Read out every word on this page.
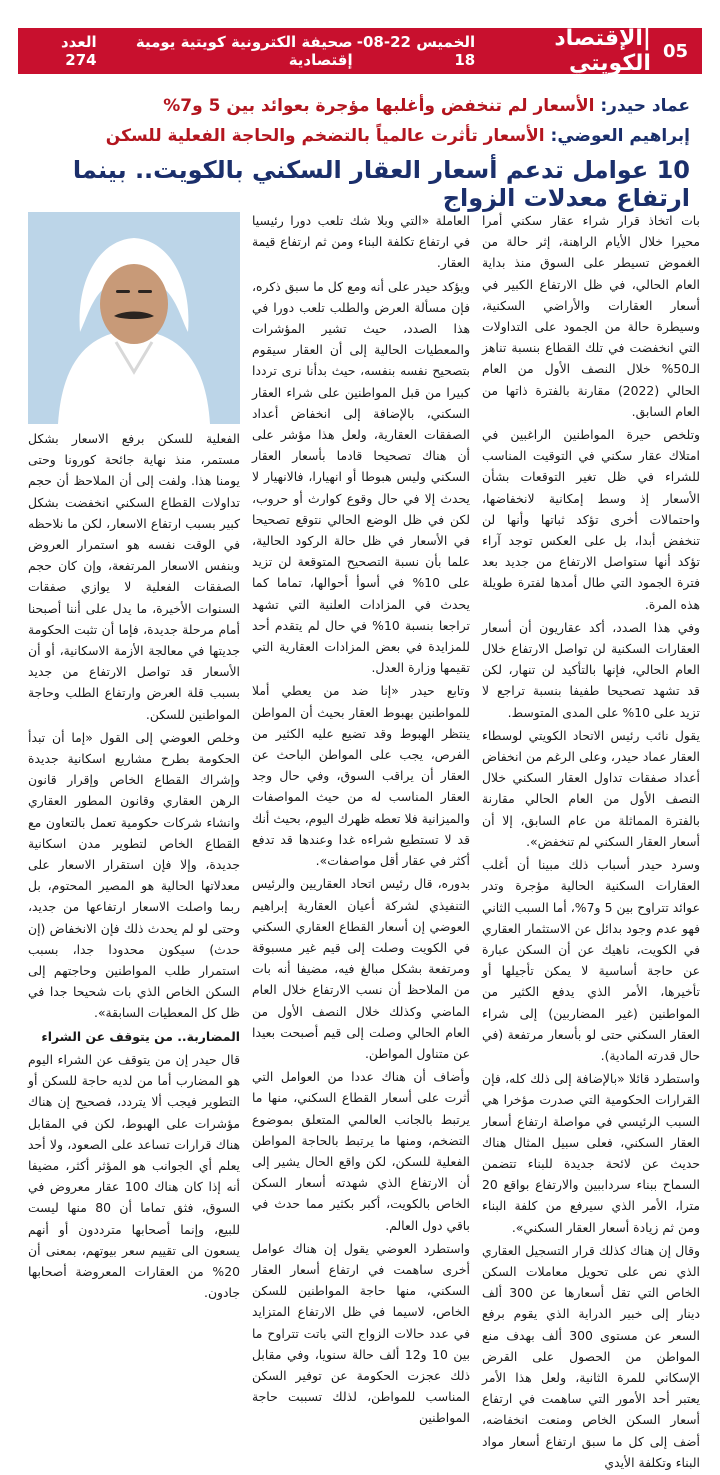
05
|الإقتصاد الكويتي
الخميس 22-08-18
صحيفة الكترونية كويتية يومية إقتصادية
العدد 274
عماد حيدر: الأسعار لم تنخفض وأغلبها مؤجرة بعوائد بين 5 و7%
إبراهيم العوضي: الأسعار تأثرت عالمياً بالتضخم والحاجة الفعلية للسكن
10 عوامل تدعم أسعار العقار السكني بالكويت.. بينما ارتفاع معدلات الزواج

بات اتخاذ قرار شراء عقار سكني أمرا محيرا خلال الأيام الراهنة، إثر حالة من الغموض تسيطر على السوق منذ بداية العام الحالي، في ظل الارتفاع الكبير في أسعار العقارات والأراضي السكنية، وسيطرة حالة من الجمود على التداولات التي انخفضت في تلك القطاع بنسبة تناهز الـ50% خلال النصف الأول من العام الحالي (2022) مقارنة بالفترة ذاتها من العام السابق.

وتلخص حيرة المواطنين الراغبين في امتلاك عقار سكني في التوقيت المناسب للشراء في ظل تغير التوقعات بشأن الأسعار إذ وسط إمكانية لانخفاضها، واحتمالات أخرى تؤكد ثباتها وأنها لن تنخفض أبدا، بل على العكس توجد آراء تؤكد أنها ستواصل الارتفاع من جديد بعد فترة الجمود التي طال أمدها لفترة طويلة هذه المرة.

وفي هذا الصدد، أكد عقاريون أن أسعار العقارات السكنية لن تواصل الارتفاع خلال العام الحالي، فإنها بالتأكيد لن تنهار، لكن قد تشهد تصحيحا طفيفا بنسبة تراجع لا تزيد على 10% على المدى المتوسط.

يقول نائب رئيس الاتحاد الكويتي لوسطاء العقار عماد حيدر، وعلى الرغم من انخفاض أعداد صفقات تداول العقار السكني خلال النصف الأول من العام الحالي مقارنة بالفترة المماثلة من عام السابق، إلا أن أسعار العقار السكني لم تنخفض».

وسرد حيدر أسباب ذلك مبينا أن أغلب العقارات السكنية الحالية مؤجرة وتدر عوائد تتراوح بين 5 و7%، أما السبب الثاني فهو عدم وجود بدائل عن الاستثمار العقاري في الكويت، ناهيك عن أن السكن عبارة عن حاجة أساسية لا يمكن تأجيلها أو تأخيرها، الأمر الذي يدفع الكثير من المواطنين (غير المضاربين) إلى شراء العقار السكني حتى لو بأسعار مرتفعة (في حال قدرته المادية).

واستطرد قائلا «بالإضافة إلى ذلك كله، فإن القرارات الحكومية التي صدرت مؤخرا هي السبب الرئيسي في مواصلة ارتفاع أسعار العقار السكني، فعلى سبيل المثال هناك حديث عن لائحة جديدة للبناء تتضمن السماح ببناء سرداببين والارتفاع بواقع 20 مترا، الأمر الذي سيرفع من كلفة البناء ومن ثم زيادة أسعار العقار السكني».

وقال إن هناك كذلك قرار التسجيل العقاري الذي نص على تحويل معاملات السكن الخاص التي تقل أسعارها عن 300 ألف دينار إلى خبير الدراية الذي يقوم برفع السعر عن مستوى 300 ألف بهدف منع المواطن من الحصول على القرض الإسكاني للمرة الثانية، ولعل هذا الأمر يعتبر أحد الأمور التي ساهمت في ارتفاع أسعار السكن الخاص ومنعت انخفاضه، أضف إلى كل ما سبق ارتفاع أسعار مواد البناء وتكلفة الأيدي

العاملة «التي وبلا شك تلعب دورا رئيسيا في ارتفاع تكلفة البناء ومن ثم ارتفاع قيمة العقار.

ويؤكد حيدر على أنه ومع كل ما سبق ذكره، فإن مسألة العرض والطلب تلعب دورا في هذا الصدد، حيث تشير المؤشرات والمعطيات الحالية إلى أن العقار سيقوم بتصحيح نفسه بنفسه، حيث بدأنا نرى ترددا كبيرا من قبل المواطنين على شراء العقار السكني، بالإضافة إلى انخفاض أعداد الصفقات العقارية، ولعل هذا مؤشر على أن هناك تصحيحا قادما بأسعار العقار السكني وليس هبوطا أو انهيارا، فالانهيار لا يحدث إلا في حال وقوع كوارث أو حروب، لكن في ظل الوضع الحالي نتوقع تصحيحا في الأسعار في ظل حالة الركود الحالية، علما بأن نسبة التصحيح المتوقعة لن تزيد على 10% في أسوأ أحوالها، تماما كما يحدث في المزادات العلنية التي تشهد تراجعا بنسبة 10% في حال لم يتقدم أحد للمزايدة في بعض المزادات العقارية التي تقيمها وزارة العدل.

وتابع حيدر «إنا ضد من يعطي أملا للمواطنين بهبوط العقار بحيث أن المواطن ينتظر الهبوط وقد تضيع عليه الكثير من الفرص، يجب على المواطن الباحث عن العقار أن يراقب السوق، وفي حال وجد العقار المناسب له من حيث المواصفات والميزانية فلا تعطه ظهرك اليوم، بحيث أنك قد لا تستطيع شراءه غدا وعندها قد تدفع أكثر في عقار أقل مواصفات».

بدوره، قال رئيس اتحاد العقاريين والرئيس التنفيذي لشركة أعيان العقارية إبراهيم العوضي إن أسعار القطاع العقاري السكني في الكويت وصلت إلى قيم غير مسبوقة ومرتفعة بشكل مبالغ فيه، مضيفا أنه بات من الملاحظ أن نسب الارتفاع خلال العام الماضي وكذلك خلال النصف الأول من العام الحالي وصلت إلى قيم أصبحت بعيدا عن متناول المواطن.

وأضاف أن هناك عددا من العوامل التي أثرت على أسعار القطاع السكني، منها ما يرتبط بالجانب العالمي المتعلق بموضوع التضخم، ومنها ما يرتبط بالحاجة المواطن الفعلية للسكن، لكن واقع الحال يشير إلى أن الارتفاع الذي شهدته أسعار السكن الخاص بالكويت، أكبر بكثير مما حدث في باقي دول العالم.

واستطرد العوضي يقول إن هناك عوامل أخرى ساهمت في ارتفاع أسعار العقار السكني، منها حاجة المواطنين للسكن الخاص، لاسيما في ظل الارتفاع المتزايد في عدد حالات الزواج التي باتت تتراوح ما بين 10 و12 ألف حالة سنويا، وفي مقابل ذلك عجزت الحكومة عن توفير السكن المناسب للمواطن، لذلك تسببت حاجة المواطنين

الفعلية للسكن برفع الاسعار بشكل مستمر، منذ نهاية جائحة كورونا وحتى يومنا هذا. ولفت إلى أن الملاحظ أن حجم تداولات القطاع السكني انخفضت بشكل كبير بسبب ارتفاع الاسعار، لكن ما نلاحظه في الوقت نفسه هو استمرار العروض وبنفس الاسعار المرتفعة، وإن كان حجم الصفقات الفعلية لا يوازي صفقات السنوات الأخيرة، ما يدل على أننا أصبحنا أمام مرحلة جديدة، فإما أن تثبت الحكومة جديتها في معالجة الأزمة الاسكانية، أو أن الأسعار قد تواصل الارتفاع من جديد بسبب قلة العرض وارتفاع الطلب وحاجة المواطنين للسكن.

وخلص العوضي إلى القول «إما أن تبدأ الحكومة بطرح مشاريع اسكانية جديدة وإشراك القطاع الخاص وإقرار قانون الرهن العقاري وقانون المطور العقاري وانشاء شركات حكومية تعمل بالتعاون مع القطاع الخاص لتطوير مدن اسكانية جديدة، وإلا فإن استقرار الاسعار على معدلاتها الحالية هو المصير المحتوم، بل ربما واصلت الاسعار ارتفاعها من جديد، وحتى لو لم يحدث ذلك فإن الانخفاض (إن حدث) سيكون محدودا جدا، بسبب استمرار طلب المواطنين وحاجتهم إلى السكن الخاص الذي بات شحيحا جدا في ظل كل المعطيات السابقة».

المضاربة.. من يتوقف عن الشراء

قال حيدر إن من يتوقف عن الشراء اليوم هو المضارب أما من لديه حاجة للسكن أو التطوير فيجب ألا يتردد، فصحيح إن هناك مؤشرات على الهبوط، لكن في المقابل هناك قرارات تساعد على الصعود، ولا أحد يعلم أي الجوانب هو المؤثر أكثر، مضيفا أنه إذا كان هناك 100 عقار معروض في السوق، فثق تماما أن 80 منها ليست للبيع، وإنما أصحابها مترددون أو أنهم يسعون الى تقييم سعر بيوتهم، بمعنى أن 20% من العقارات المعروضة أصحابها جادون.
